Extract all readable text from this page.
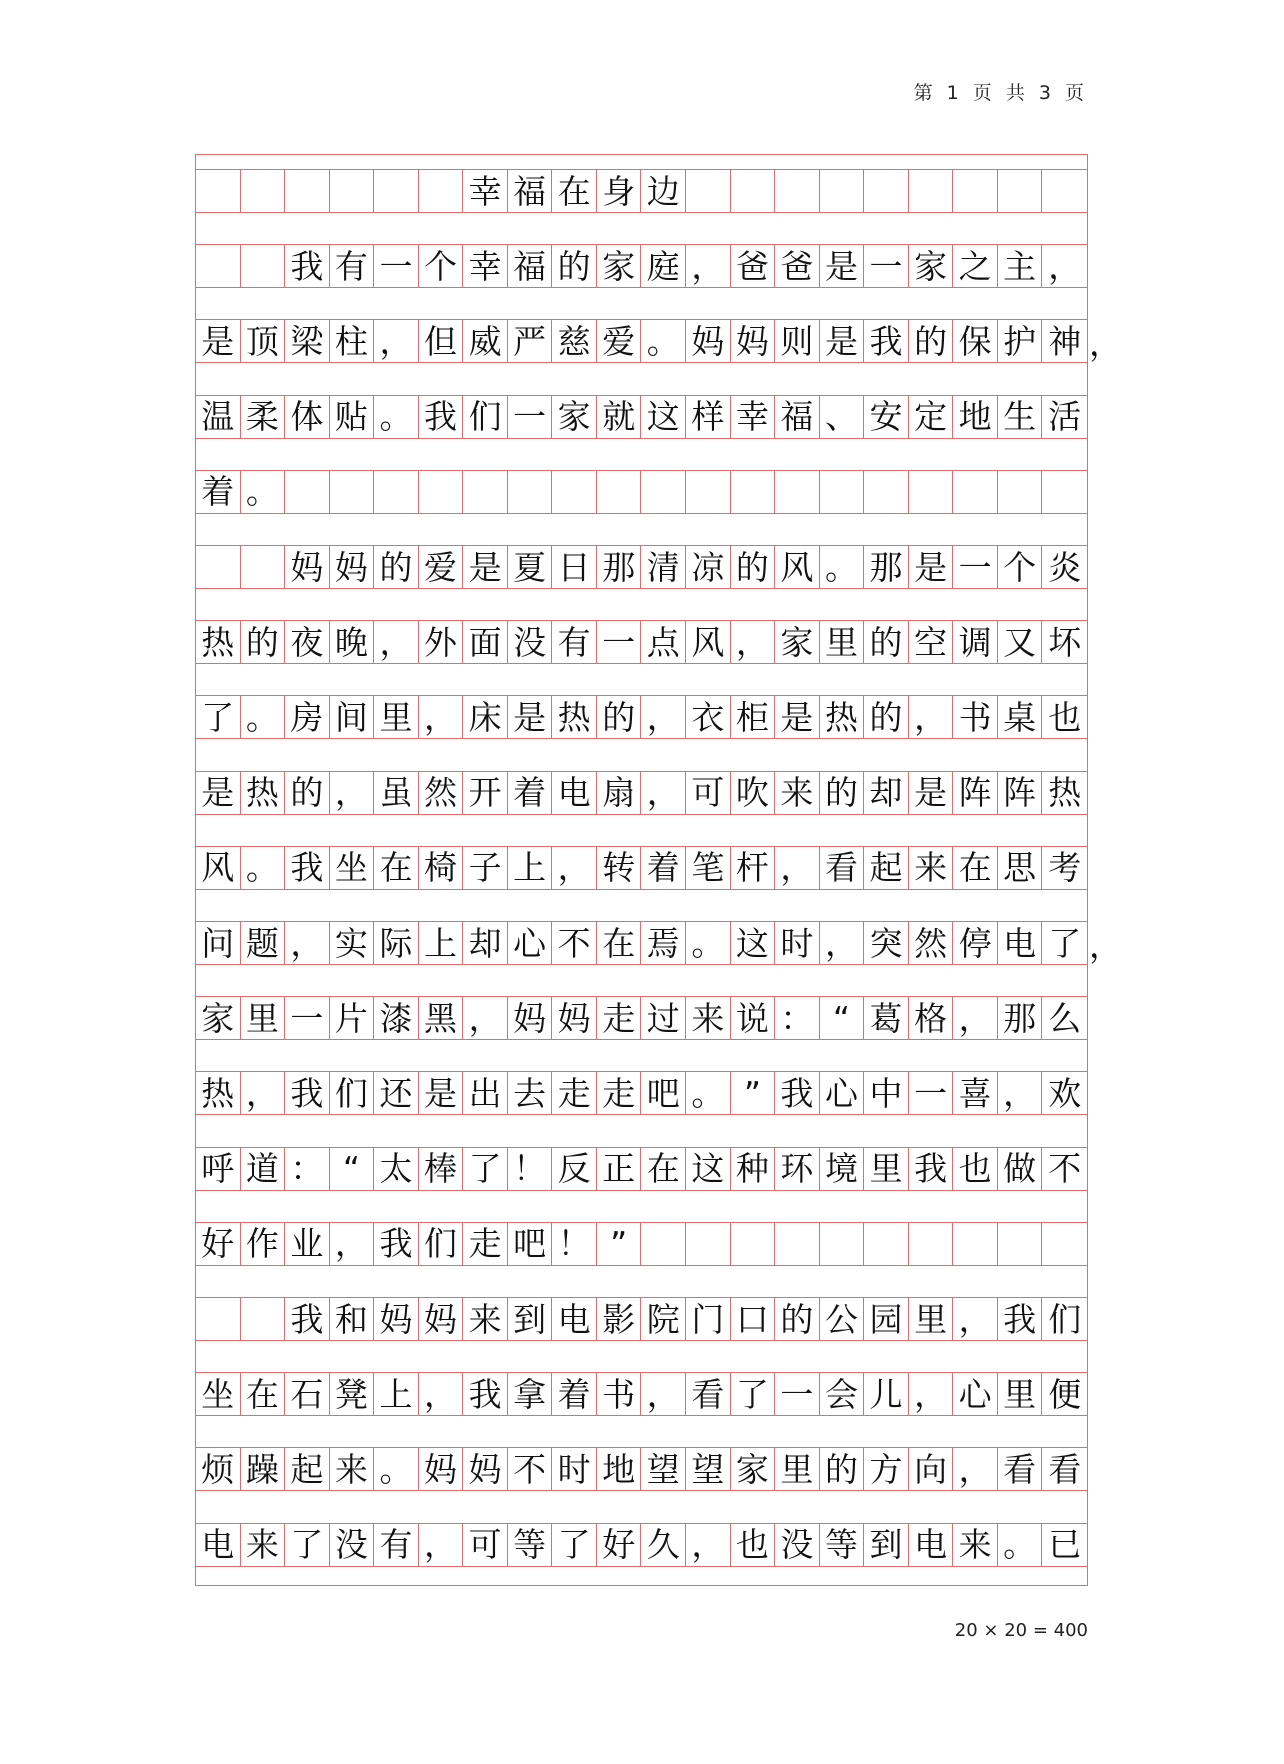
第 1 页 共 3 页
幸 福 在 身 边
我 有 一 个 幸 福 的 家 庭 ， 爸 爸 是 一 家 之 主 ，
是 顶 梁 柱 ， 但 威 严 慈 爱 。 妈 妈 则 是 我 的 保 护 神 ，
温 柔 体 贴 。 我 们 一 家 就 这 样 幸 福 、 安 定 地 生 活
着 。
妈 妈 的 爱 是 夏 日 那 清 凉 的 风 。 那 是 一 个 炎
热 的 夜 晚 ， 外 面 没 有 一 点 风 ， 家 里 的 空 调 又 坏
了 。 房 间 里 ， 床 是 热 的 ， 衣 柜 是 热 的 ， 书 桌 也
是 热 的 ， 虽 然 开 着 电 扇 ， 可 吹 来 的 却 是 阵 阵 热
风 。 我 坐 在 椅 子 上 ， 转 着 笔 杆 ， 看 起 来 在 思 考
问 题 ， 实 际 上 却 心 不 在 焉 。 这 时 ， 突 然 停 电 了 ，
家 里 一 片 漆 黑 ， 妈 妈 走 过 来 说 ： “ 葛 格 ， 那 么
热 ， 我 们 还 是 出 去 走 走 吧 。 ” 我 心 中 一 喜 ， 欢
呼 道 ： “ 太 棒 了 ！ 反 正 在 这 种 环 境 里 我 也 做 不
好 作 业 ， 我 们 走 吧 ！ ”
我 和 妈 妈 来 到 电 影 院 门 口 的 公 园 里 ， 我 们
坐 在 石 凳 上 ， 我 拿 着 书 ， 看 了 一 会 儿 ， 心 里 便
烦 躁 起 来 。 妈 妈 不 时 地 望 望 家 里 的 方 向 ， 看 看
电 来 了 没 有 ， 可 等 了 好 久 ， 也 没 等 到 电 来 。 已
20 × 20 = 400
